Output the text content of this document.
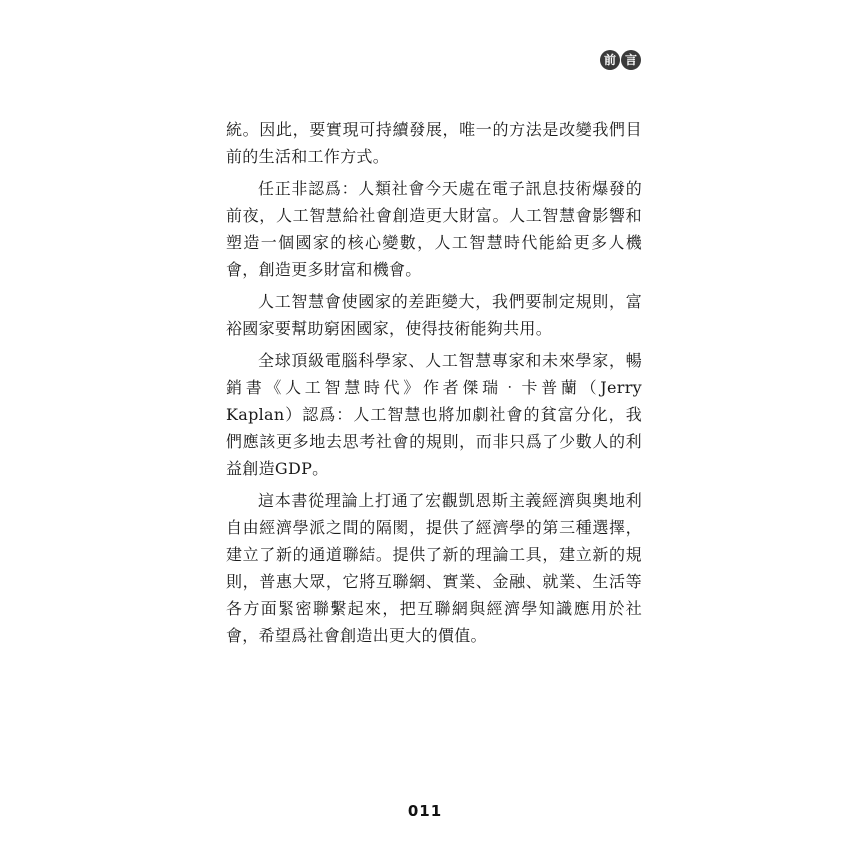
前 言

統。因此，要實現可持續發展，唯一的方法是改變我們目前的生活和工作方式。

任正非認爲：人類社會今天處在電子訊息技術爆發的前夜，人工智慧給社會創造更大財富。人工智慧會影響和塑造一個國家的核心變數，人工智慧時代能給更多人機會，創造更多財富和機會。

人工智慧會使國家的差距變大，我們要制定規則，富裕國家要幫助窮困國家，使得技術能夠共用。

全球頂級電腦科學家、人工智慧專家和未來學家，暢銷書《人工智慧時代》作者傑瑞‧卡普蘭（Jerry Kaplan）認爲：人工智慧也將加劇社會的貧富分化，我們應該更多地去思考社會的規則，而非只爲了少數人的利益創造GDP。

這本書從理論上打通了宏觀凱恩斯主義經濟與奧地利自由經濟學派之間的隔閡，提供了經濟學的第三種選擇，建立了新的通道聯結。提供了新的理論工具，建立新的規則，普惠大眾，它將互聯網、實業、金融、就業、生活等各方面緊密聯繫起來，把互聯網與經濟學知識應用於社會，希望爲社會創造出更大的價值。

011
